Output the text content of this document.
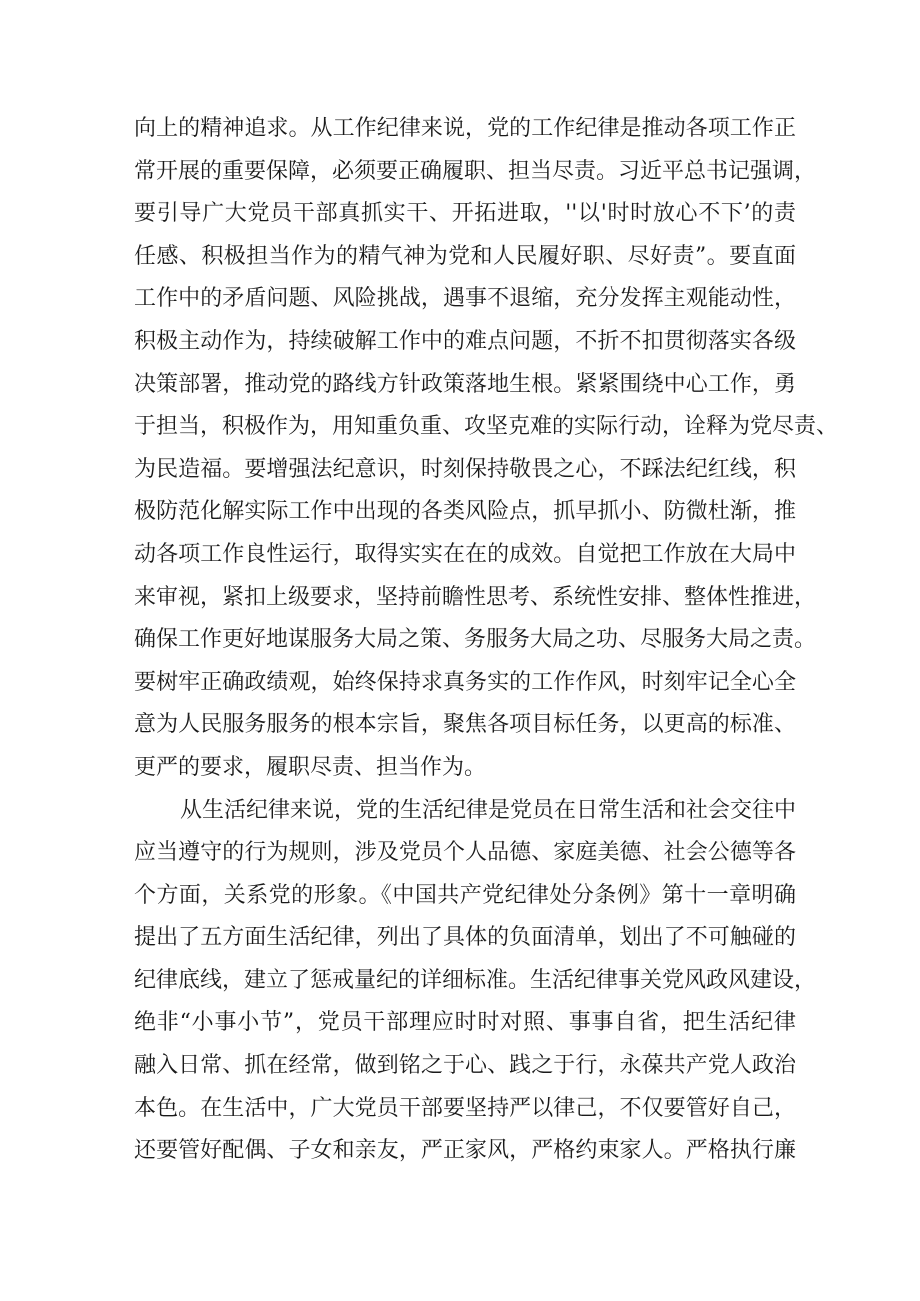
向上的精神追求。从工作纪律来说，党的工作纪律是推动各项工作正
常开展的重要保障，必须要正确履职、担当尽责。习近平总书记强调，
要引导广大党员干部真抓实干、开拓进取，''以'时时放心不下’的责
任感、积极担当作为的精气神为党和人民履好职、尽好责”。要直面
工作中的矛盾问题、风险挑战，遇事不退缩，充分发挥主观能动性，
积极主动作为，持续破解工作中的难点问题，不折不扣贯彻落实各级
决策部署，推动党的路线方针政策落地生根。紧紧围绕中心工作，勇
于担当，积极作为，用知重负重、攻坚克难的实际行动，诠释为党尽责、
为民造福。要增强法纪意识，时刻保持敬畏之心，不踩法纪红线，积
极防范化解实际工作中出现的各类风险点，抓早抓小、防微杜渐，推
动各项工作良性运行，取得实实在在的成效。自觉把工作放在大局中
来审视，紧扣上级要求，坚持前瞻性思考、系统性安排、整体性推进，
确保工作更好地谋服务大局之策、务服务大局之功、尽服务大局之责。
要树牢正确政绩观，始终保持求真务实的工作作风，时刻牢记全心全
意为人民服务服务的根本宗旨，聚焦各项目标任务，以更高的标准、
更严的要求，履职尽责、担当作为。
从生活纪律来说，党的生活纪律是党员在日常生活和社会交往中
应当遵守的行为规则，涉及党员个人品德、家庭美德、社会公德等各
个方面，关系党的形象。《中国共产党纪律处分条例》第十一章明确
提出了五方面生活纪律，列出了具体的负面清单，划出了不可触碰的
纪律底线，建立了惩戒量纪的详细标准。生活纪律事关党风政风建设，
绝非“小事小节”，党员干部理应时时对照、事事自省，把生活纪律
融入日常、抓在经常，做到铭之于心、践之于行，永葆共产党人政治
本色。在生活中，广大党员干部要坚持严以律己，不仅要管好自己，
还要管好配偶、子女和亲友，严正家风，严格约束家人。严格执行廉
